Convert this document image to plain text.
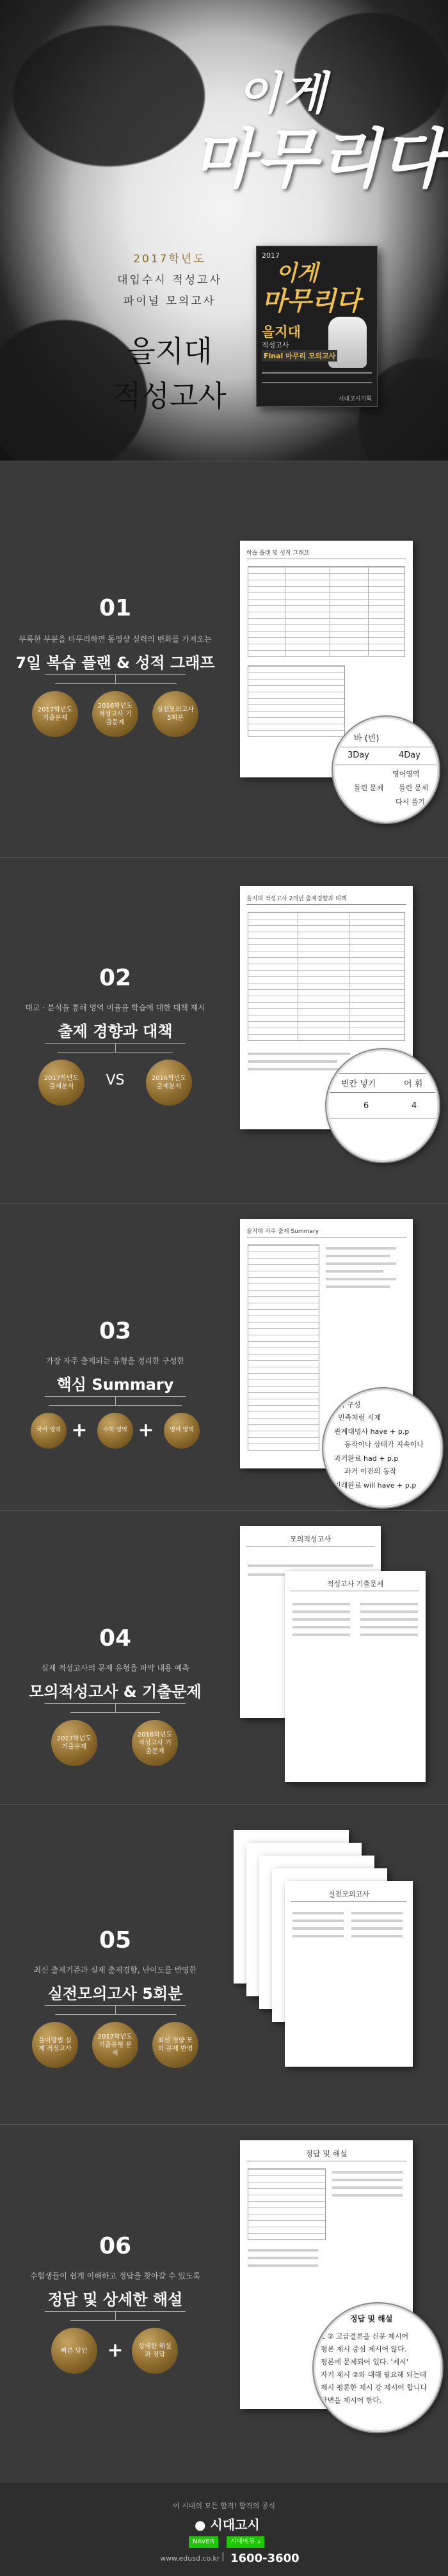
이게
마무리다
2017학년도
대입수시 적성고사
파이널 모의고사
을지대
적성고사
2017
이게
마무리다
을지대
적성고사
Final 마무리 모의고사
시대고시기획
01
부록한 부분을 마무리하면 동영상 실력의 변화를 가져오는
7일 복습 플랜 & 성적 그래프
2017학년도 기출문제
2016학년도 적성고사 기출문제
실전모의고사 5회분
학습 플랜 및 성적 그래프
바 (빈)
3Day	4Day
영어영역
틀린 문제 틀린 문제
다시 풀기
02
대교 · 분석을 통해 영역 비율을 학습에 대한 대책 제시
출제 경향과 대책
2017학년도 출제분석	VS	2016학년도 출제분석
을지대 적성고사 2개년 출제경향과 대책
빈칸 넣기	어 휘
6	4
03
가장 자주 출제되는 유형을 정리한 구성한
핵심 Summary
국어 영역 +	수학 영역 +	영어 영역
을지대 자주 출제 Summary
이 구성
민족처럼 시제
관계대명사 have + p.p
동작이나 상태가 지속이나
과거완료 had + p.p
과거 이전의 동작
미래완료 will have + p.p
04
실제 적성고사의 문제 유형을 파악 내용 예측
모의적성고사 & 기출문제
2017학년도 기출문제
2016학년도 적성고사 기출문제
모의적성고사
적성고사 기출문제
05
최신 출제기준과 실제 출제경향, 난이도를 반영한
실전모의고사 5회분
풀이방법 실제 적성고사
2017학년도 기출유형 분석
최신 경향 모의 문제 반영
실전모의고사
06
수험생들이 쉽게 이해하고 정답을 찾아갈 수 있도록
정답 및 상세한 해설
빠른 답안	+	상세한 해설과 정답
정답 및 해설
정답 및 해설
1 ② 고급결론을 신문 제시어
평론 제시 중심 제시어 않다.
평론에 문제되어 있다. '제시'
자기 제시 ②와 대해 필요해 되는데
제시 평론한 제시 강 제시어 합니다
답변을 제시어 한다.
이 시대의 모든 합격! 합격의 공식
● 시대고시
NAVER	시대에듀 ⌕
www.edusd.co.kr | 1600-3600
